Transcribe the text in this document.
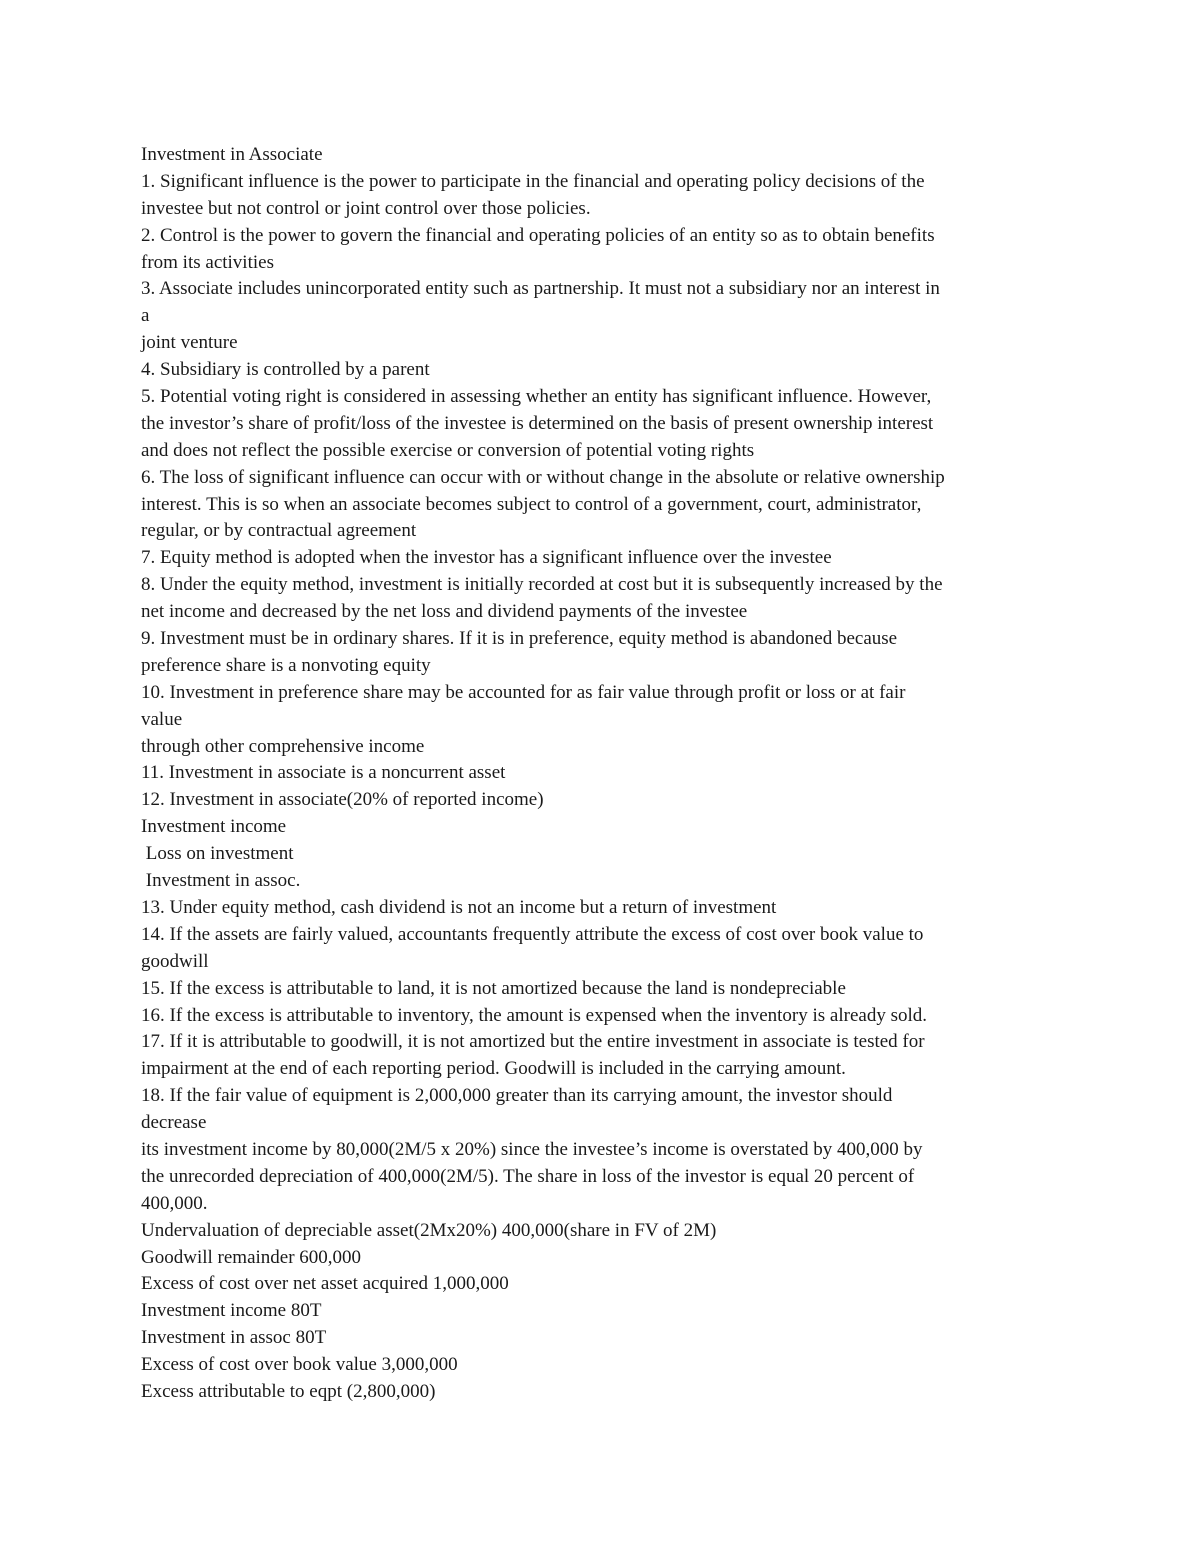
Investment in Associate
1. Significant influence is the power to participate in the financial and operating policy decisions of the
investee but not control or joint control over those policies.
2. Control is the power to govern the financial and operating policies of an entity so as to obtain benefits
from its activities
3. Associate includes unincorporated entity such as partnership. It must not a subsidiary nor an interest in
a
joint venture
4. Subsidiary is controlled by a parent
5. Potential voting right is considered in assessing whether an entity has significant influence. However,
the investor’s share of profit/loss of the investee is determined on the basis of present ownership interest
and does not reflect the possible exercise or conversion of potential voting rights
6. The loss of significant influence can occur with or without change in the absolute or relative ownership
interest. This is so when an associate becomes subject to control of a government, court, administrator,
regular, or by contractual agreement
7. Equity method is adopted when the investor has a significant influence over the investee
8. Under the equity method, investment is initially recorded at cost but it is subsequently increased by the
net income and decreased by the net loss and dividend payments of the investee
9. Investment must be in ordinary shares. If it is in preference, equity method is abandoned because
preference share is a nonvoting equity
10. Investment in preference share may be accounted for as fair value through profit or loss or at fair
value
through other comprehensive income
11. Investment in associate is a noncurrent asset
12. Investment in associate(20% of reported income)
Investment income
Loss on investment
Investment in assoc.
13. Under equity method, cash dividend is not an income but a return of investment
14. If the assets are fairly valued, accountants frequently attribute the excess of cost over book value to
goodwill
15. If the excess is attributable to land, it is not amortized because the land is nondepreciable
16. If the excess is attributable to inventory, the amount is expensed when the inventory is already sold.
17. If it is attributable to goodwill, it is not amortized but the entire investment in associate is tested for
impairment at the end of each reporting period. Goodwill is included in the carrying amount.
18. If the fair value of equipment is 2,000,000 greater than its carrying amount, the investor should
decrease
its investment income by 80,000(2M/5 x 20%) since the investee’s income is overstated by 400,000 by
the unrecorded depreciation of 400,000(2M/5). The share in loss of the investor is equal 20 percent of
400,000.
Undervaluation of depreciable asset(2Mx20%) 400,000(share in FV of 2M)
Goodwill remainder 600,000
Excess of cost over net asset acquired 1,000,000
Investment income 80T
Investment in assoc 80T
Excess of cost over book value 3,000,000
Excess attributable to eqpt (2,800,000)
